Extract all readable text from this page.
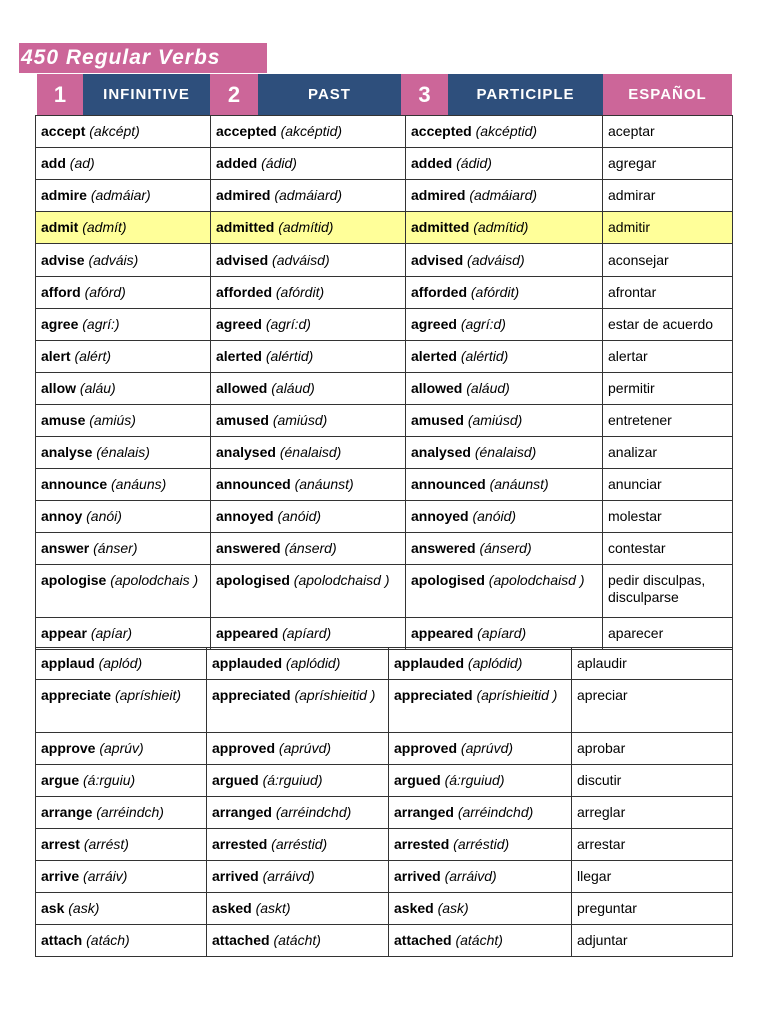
450 Regular Verbs
1	INFINITIVE	2	PAST	3	PARTICIPLE	ESPAÑOL
accept (akcépt)	accepted (akcéptid)	accepted (akcéptid)	aceptar
add (ad)	added (ádid)	added (ádid)	agregar
admire (admáiar)	admired (admáiard)	admired (admáiard)	admirar
admit (admít)	admitted (admítid)	admitted (admítid)	admitir
advise (adváis)	advised (adváisd)	advised (adváisd)	aconsejar
afford (afórd)	afforded (afórdit)	afforded (afórdit)	afrontar
agree (agrí:)	agreed (agrí:d)	agreed (agrí:d)	estar de acuerdo
alert (alért)	alerted (alértid)	alerted (alértid)	alertar
allow (aláu)	allowed (aláud)	allowed (aláud)	permitir
amuse (amiús)	amused (amiúsd)	amused (amiúsd)	entretener
analyse (énalais)	analysed (énalaisd)	analysed (énalaisd)	analizar
announce (anáuns)	announced (anáunst)	announced (anáunst)	anunciar
annoy (anói)	annoyed (anóid)	annoyed (anóid)	molestar
answer (ánser)	answered (ánserd)	answered (ánserd)	contestar
apologise (apolodchais )	apologised (apolodchaisd )	apologised (apolodchaisd )	pedir disculpas, disculparse
appear (apíar)	appeared (apíard)	appeared (apíard)	aparecer
applaud (aplód)	applauded (aplódid)	applauded (aplódid)	aplaudir
appreciate (apríshieit)	appreciated (apríshieitid )	appreciated (apríshieitid )	apreciar
approve (aprúv)	approved (aprúvd)	approved (aprúvd)	aprobar
argue (á:rguiu)	argued (á:rguiud)	argued (á:rguiud)	discutir
arrange (arréindch)	arranged (arréindchd)	arranged (arréindchd)	arreglar
arrest (arrést)	arrested (arréstid)	arrested (arréstid)	arrestar
arrive (arráiv)	arrived (arráivd)	arrived (arráivd)	llegar
ask (ask)	asked (askt)	asked (ask)	preguntar
attach (atách)	attached (atácht)	attached (atácht)	adjuntar
